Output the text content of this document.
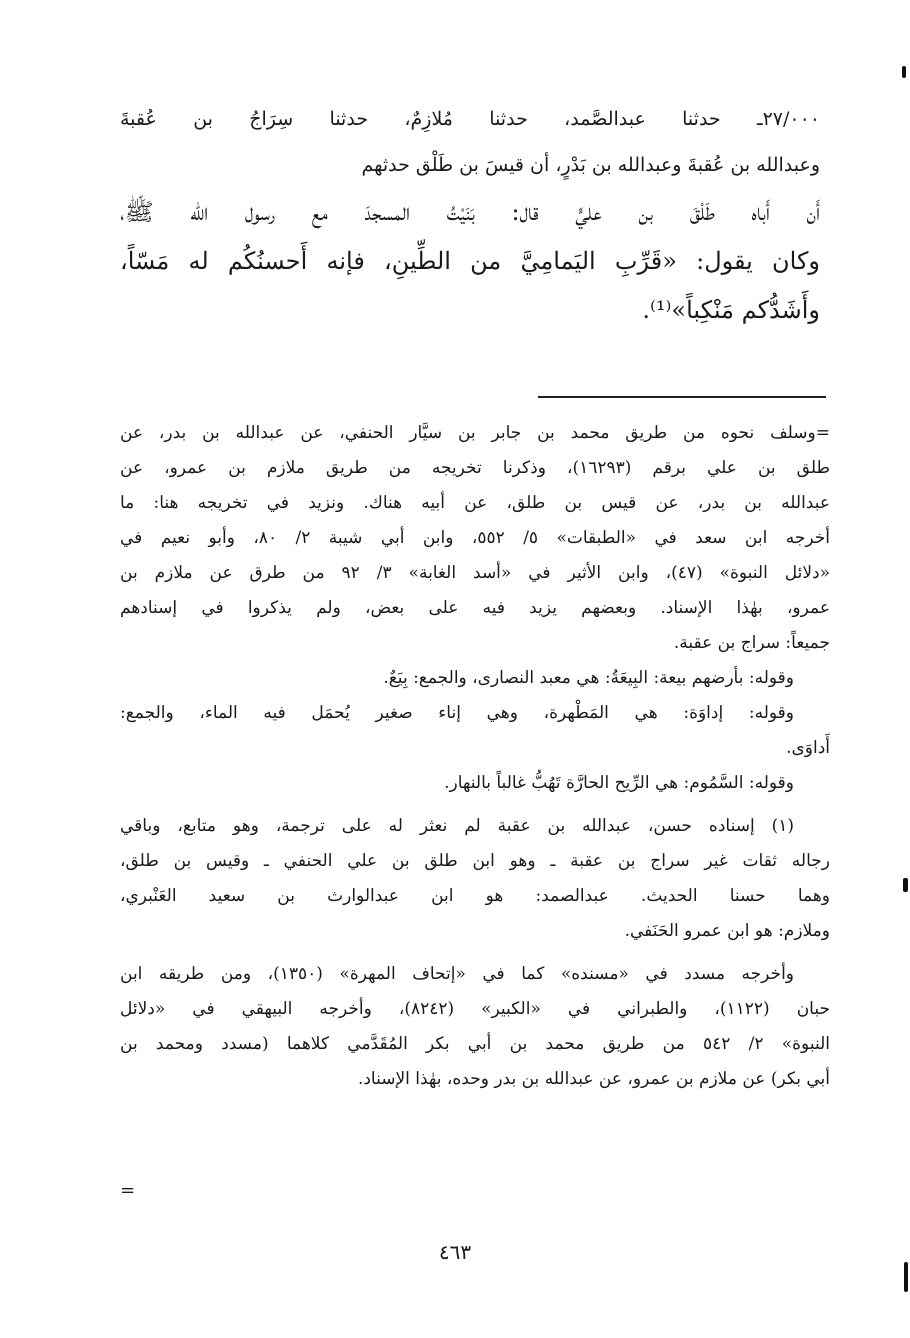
٢٧/٠٠٠ـ حدثنا عبدالصَّمد، حدثنا مُلازِمٌ، حدثنا سِرَاجُ بن عُقبةَ
وعبدالله بن عُقبةَ وعبدالله بن بَدْرٍ، أن قيسَ بن طَلْق حدثهم
أَن أَباه طَلْقَ بن عليٍّ قال: بَنَيْتُ المسجدَ مع رسول الله ﷺ،
وكان يقول: «قَرِّبِ اليَمامِيَّ من الطِّينِ، فإنه أَحسنُكُم له مَسّاً،
وأَشَدُّكم مَنْكِباً»⁽¹⁾.
=وسلف نحوه من طريق محمد بن جابر بن سيَّار الحنفي، عن عبدالله بن بدر، عن
طلق بن علي برقم (١٦٢٩٣)، وذكرنا تخريجه من طريق ملازم بن عمرو، عن
عبدالله بن بدر، عن قيس بن طلق، عن أبيه هناك. ونزيد في تخريجه هنا: ما
أخرجه ابن سعد في «الطبقات» ٥/ ٥٥٢، وابن أبي شيبة ٢/ ٨٠، وأبو نعيم في
«دلائل النبوة» (٤٧)، وابن الأثير في «أسد الغابة» ٣/ ٩٢ من طرق عن ملازم بن
عمرو، بهٰذا الإسناد. وبعضهم يزيد فيه على بعض، ولم يذكروا في إسنادهم
جميعاً: سراج بن عقبة.
وقوله: بأرضهم بيعة: البِيعَةُ: هي معبد النصارى، والجمع: بِيَعٌ.
وقوله: إداوَة: هي المَطْهرة، وهي إناء صغير يُحمَل فيه الماء، والجمع:
أَداوَى.
وقوله: السَّمُوم: هي الرِّيح الحارَّة تَهُبُّ غالباً بالنهار.
(١) إسناده حسن، عبدالله بن عقبة لم نعثر له على ترجمة، وهو متابع، وباقي
رجاله ثقات غير سراج بن عقبة ـ وهو ابن طلق بن علي الحنفي ـ وقيس بن طلق،
وهما حسنا الحديث. عبدالصمد: هو ابن عبدالوارث بن سعيد العَنْبري،
وملازم: هو ابن عمرو الحَنَفي.
وأخرجه مسدد في «مسنده» كما في «إتحاف المهرة» (١٣٥٠)، ومن طريقه ابن
حبان (١١٢٢)، والطبراني في «الكبير» (٨٢٤٢)، وأخرجه البيهقي في «دلائل
النبوة» ٢/ ٥٤٢ من طريق محمد بن أبي بكر المُقَدَّمي كلاهما (مسدد ومحمد بن
أبي بكر) عن ملازم بن عمرو، عن عبدالله بن بدر وحده، بهٰذا الإسناد.
=
٤٦٣
